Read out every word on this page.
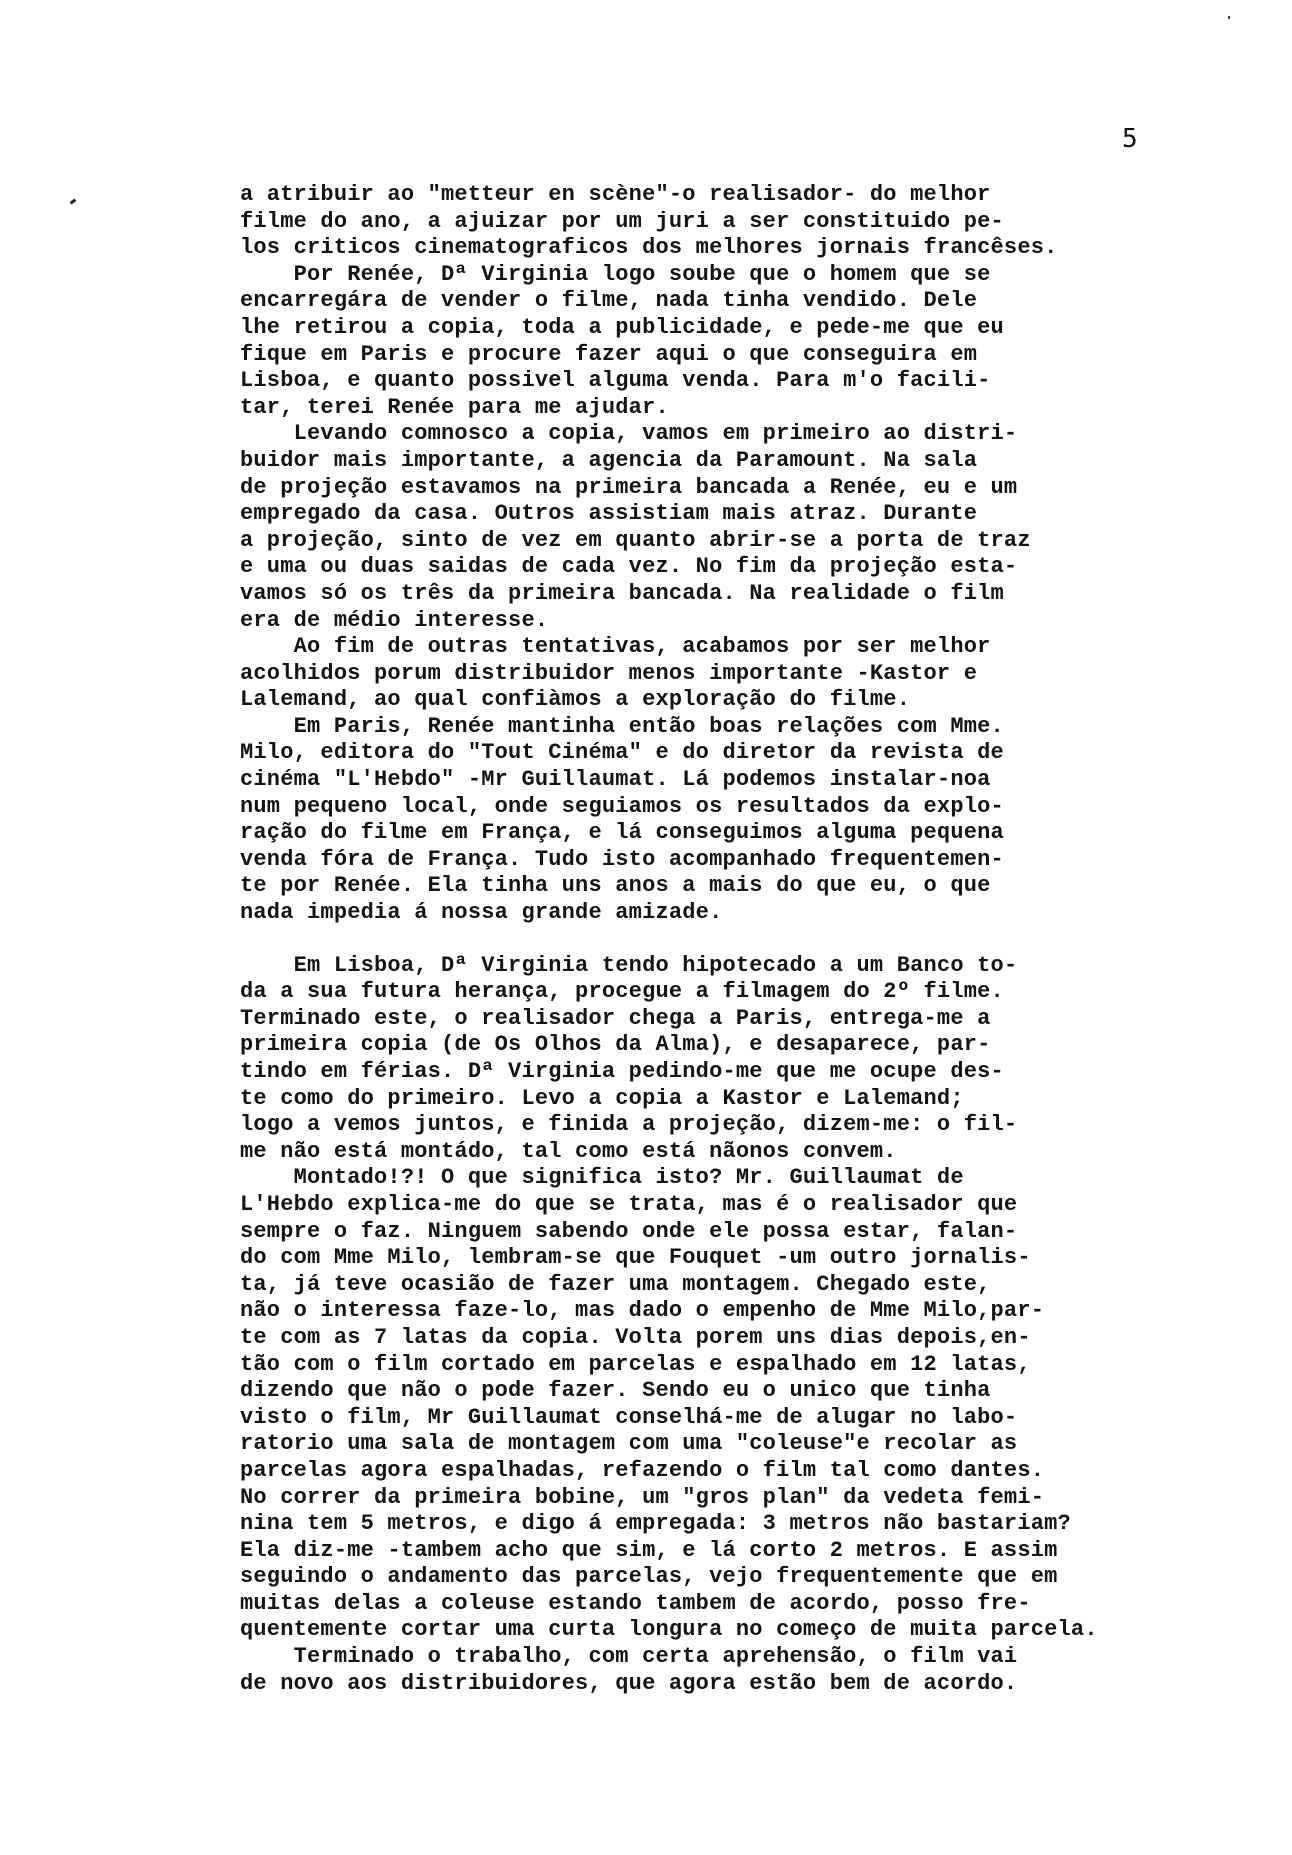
5
a atribuir ao "metteur en scène"-o realisador- do melhor
filme do ano, a ajuizar por um juri a ser constituido pe-
los criticos cinematograficos dos melhores jornais francêses.
Por Renée, Dª Virginia logo soube que o homem que se
encarregára de vender o filme, nada tinha vendido. Dele
lhe retirou a copia, toda a publicidade, e pede-me que eu
fique em Paris e procure fazer aqui o que conseguira em
Lisboa, e quanto possivel alguma venda. Para m'o facili-
tar, terei Renée para me ajudar.
Levando comnosco a copia, vamos em primeiro ao distri-
buidor mais importante, a agencia da Paramount. Na sala
de projeção estavamos na primeira bancada a Renée, eu e um
empregado da casa. Outros assistiam mais atraz. Durante
a projeção, sinto de vez em quanto abrir-se a porta de traz
e uma ou duas saidas de cada vez. No fim da projeção esta-
vamos só os três da primeira bancada. Na realidade o film
era de médio interesse.
Ao fim de outras tentativas, acabamos por ser melhor
acolhidos porum distribuidor menos importante -Kastor e
Lalemand, ao qual confiàmos a exploração do filme.
Em Paris, Renée mantinha então boas relações com Mme.
Milo, editora do "Tout Cinéma" e do diretor da revista de
cinéma "L'Hebdo" -Mr Guillaumat. Lá podemos instalar-noa
num pequeno local, onde seguiamos os resultados da explo-
ração do filme em França, e lá conseguimos alguma pequena
venda fóra de França. Tudo isto acompanhado frequentemen-
te por Renée. Ela tinha uns anos a mais do que eu, o que
nada impedia á nossa grande amizade.
Em Lisboa, Dª Virginia tendo hipotecado a um Banco to-
da a sua futura herança, procegue a filmagem do 2º filme.
Terminado este, o realisador chega a Paris, entrega-me a
primeira copia (de Os Olhos da Alma), e desaparece, par-
tindo em férias. Dª Virginia pedindo-me que me ocupe des-
te como do primeiro. Levo a copia a Kastor e Lalemand;
logo a vemos juntos, e finida a projeção, dizem-me: o fil-
me não está montádo, tal como está nãonos convem.
Montado!?! O que significa isto? Mr. Guillaumat de
L'Hebdo explica-me do que se trata, mas é o realisador que
sempre o faz. Ninguem sabendo onde ele possa estar, falan-
do com Mme Milo, lembram-se que Fouquet -um outro jornalis-
ta, já teve ocasião de fazer uma montagem. Chegado este,
não o interessa faze-lo, mas dado o empenho de Mme Milo,par-
te com as 7 latas da copia. Volta porem uns dias depois,en-
tão com o film cortado em parcelas e espalhado em 12 latas,
dizendo que não o pode fazer. Sendo eu o unico que tinha
visto o film, Mr Guillaumat conselhá-me de alugar no labo-
ratorio uma sala de montagem com uma "coleuse"e recolar as
parcelas agora espalhadas, refazendo o film tal como dantes.
No correr da primeira bobine, um "gros plan" da vedeta femi-
nina tem 5 metros, e digo á empregada: 3 metros não bastariam?
Ela diz-me -tambem acho que sim, e lá corto 2 metros. E assim
seguindo o andamento das parcelas, vejo frequentemente que em
muitas delas a coleuse estando tambem de acordo, posso fre-
quentemente cortar uma curta longura no começo de muita parcela.
Terminado o trabalho, com certa aprehensão, o film vai
de novo aos distribuidores, que agora estão bem de acordo.
